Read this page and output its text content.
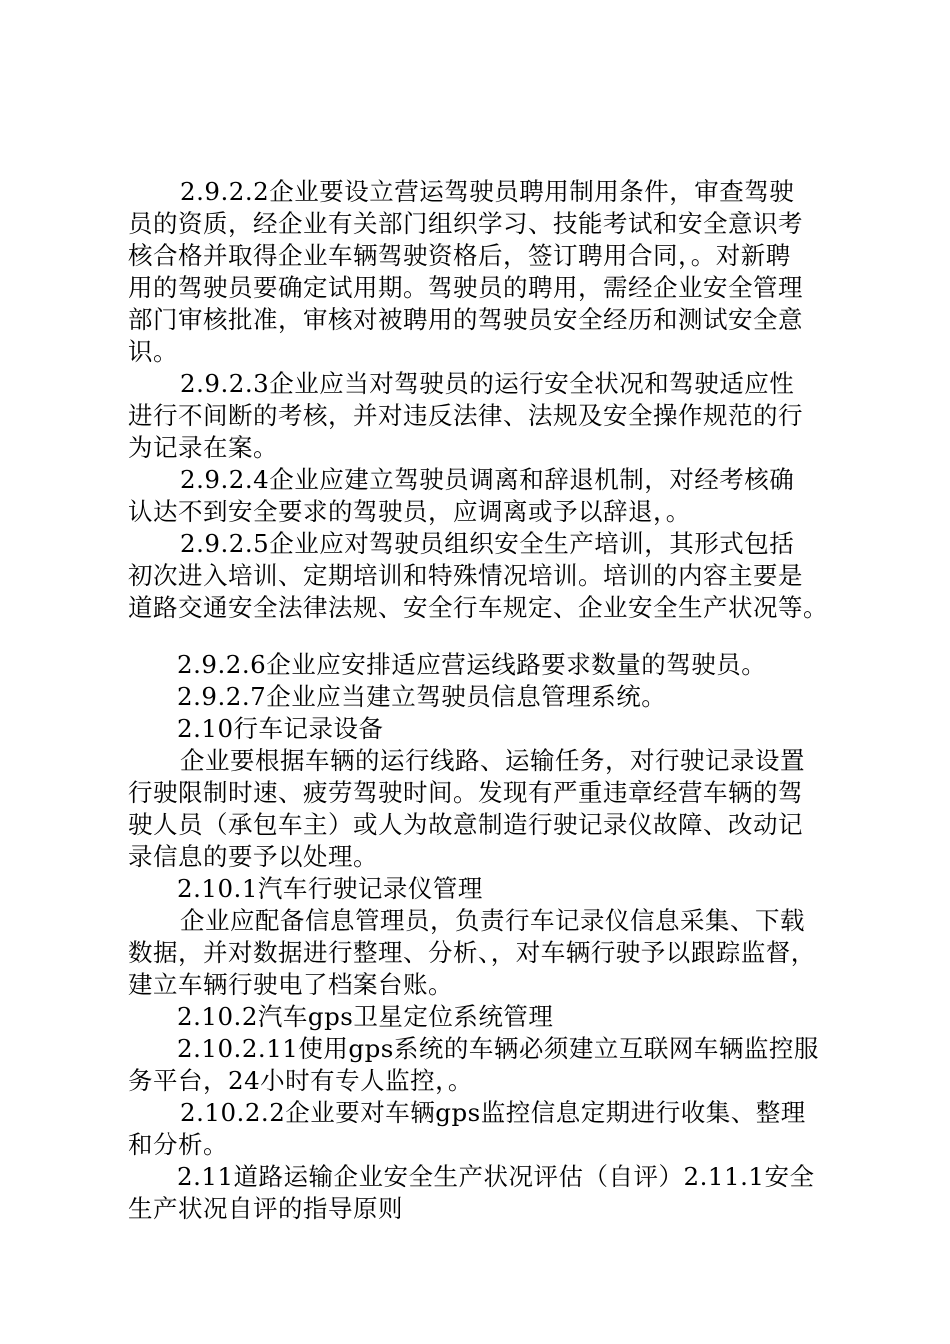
2.9.2.2企业要设立营运驾驶员聘用制用条件，审查驾驶
员的资质，经企业有关部门组织学习、技能考试和安全意识考
核合格并取得企业车辆驾驶资格后，签订聘用合同，。对新聘
用的驾驶员要确定试用期。驾驶员的聘用，需经企业安全管理
部门审核批准，审核对被聘用的驾驶员安全经历和测试安全意
识。
2.9.2.3企业应当对驾驶员的运行安全状况和驾驶适应性
进行不间断的考核，并对违反法律、法规及安全操作规范的行
为记录在案。
2.9.2.4企业应建立驾驶员调离和辞退机制，对经考核确
认达不到安全要求的驾驶员，应调离或予以辞退，。
2.9.2.5企业应对驾驶员组织安全生产培训，其形式包括
初次进入培训、定期培训和特殊情况培训。培训的内容主要是
道路交通安全法律法规、安全行车规定、企业安全生产状况等。
2.9.2.6企业应安排适应营运线路要求数量的驾驶员。
2.9.2.7企业应当建立驾驶员信息管理系统。
2.10行车记录设备
企业要根据车辆的运行线路、运输任务，对行驶记录设置
行驶限制时速、疲劳驾驶时间。发现有严重违章经营车辆的驾
驶人员（承包车主）或人为故意制造行驶记录仪故障、改动记
录信息的要予以处理。
2.10.1汽车行驶记录仪管理
企业应配备信息管理员，负责行车记录仪信息采集、下载
数据，并对数据进行整理、分析、，对车辆行驶予以跟踪监督，
建立车辆行驶电了档案台账。
2.10.2汽车gps卫星定位系统管理
2.10.2.11使用gps系统的车辆必须建立互联网车辆监控服
务平台，24小时有专人监控，。
2.10.2.2企业要对车辆gps监控信息定期进行收集、整理
和分析。
2.11道路运输企业安全生产状况评估（自评）2.11.1安全
生产状况自评的指导原则
